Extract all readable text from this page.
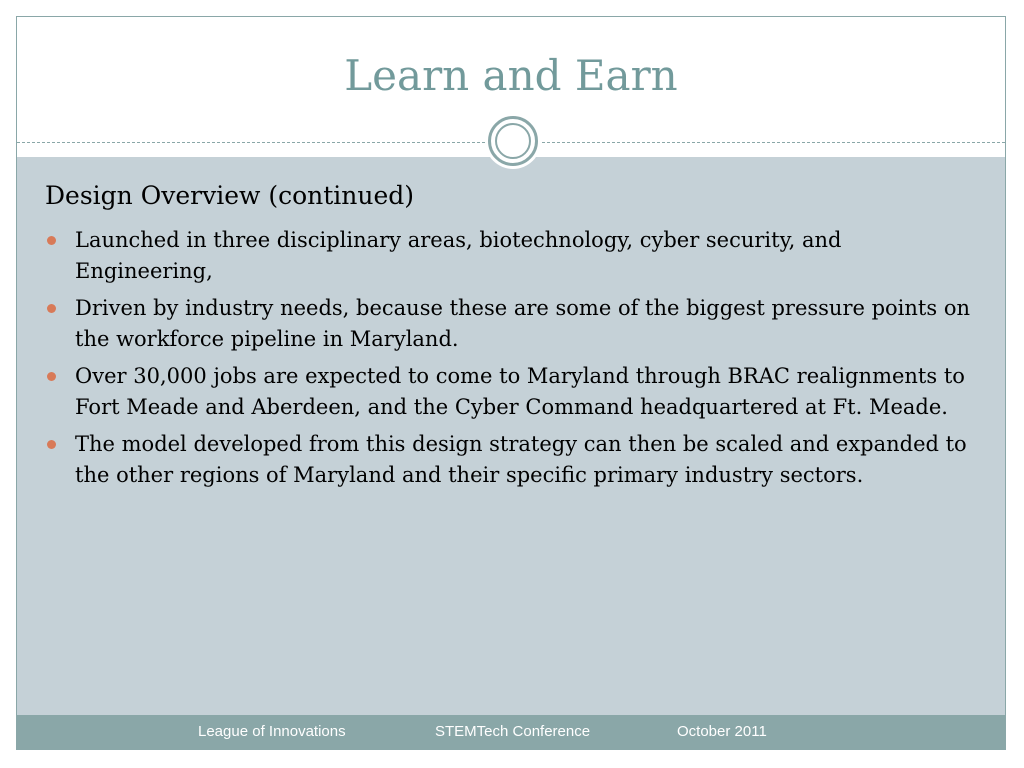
Learn and Earn
Design Overview (continued)
Launched in three disciplinary areas, biotechnology, cyber security, and Engineering,
Driven by industry needs, because these are some of the biggest pressure points on the workforce pipeline in Maryland.
Over 30,000 jobs are expected to come to Maryland through BRAC realignments to Fort Meade and Aberdeen, and the Cyber Command headquartered at Ft. Meade.
The model developed from this design strategy can then be scaled and expanded to the other regions of Maryland and their specific primary industry sectors.
League of Innovations	STEMTech Conference	October 2011
